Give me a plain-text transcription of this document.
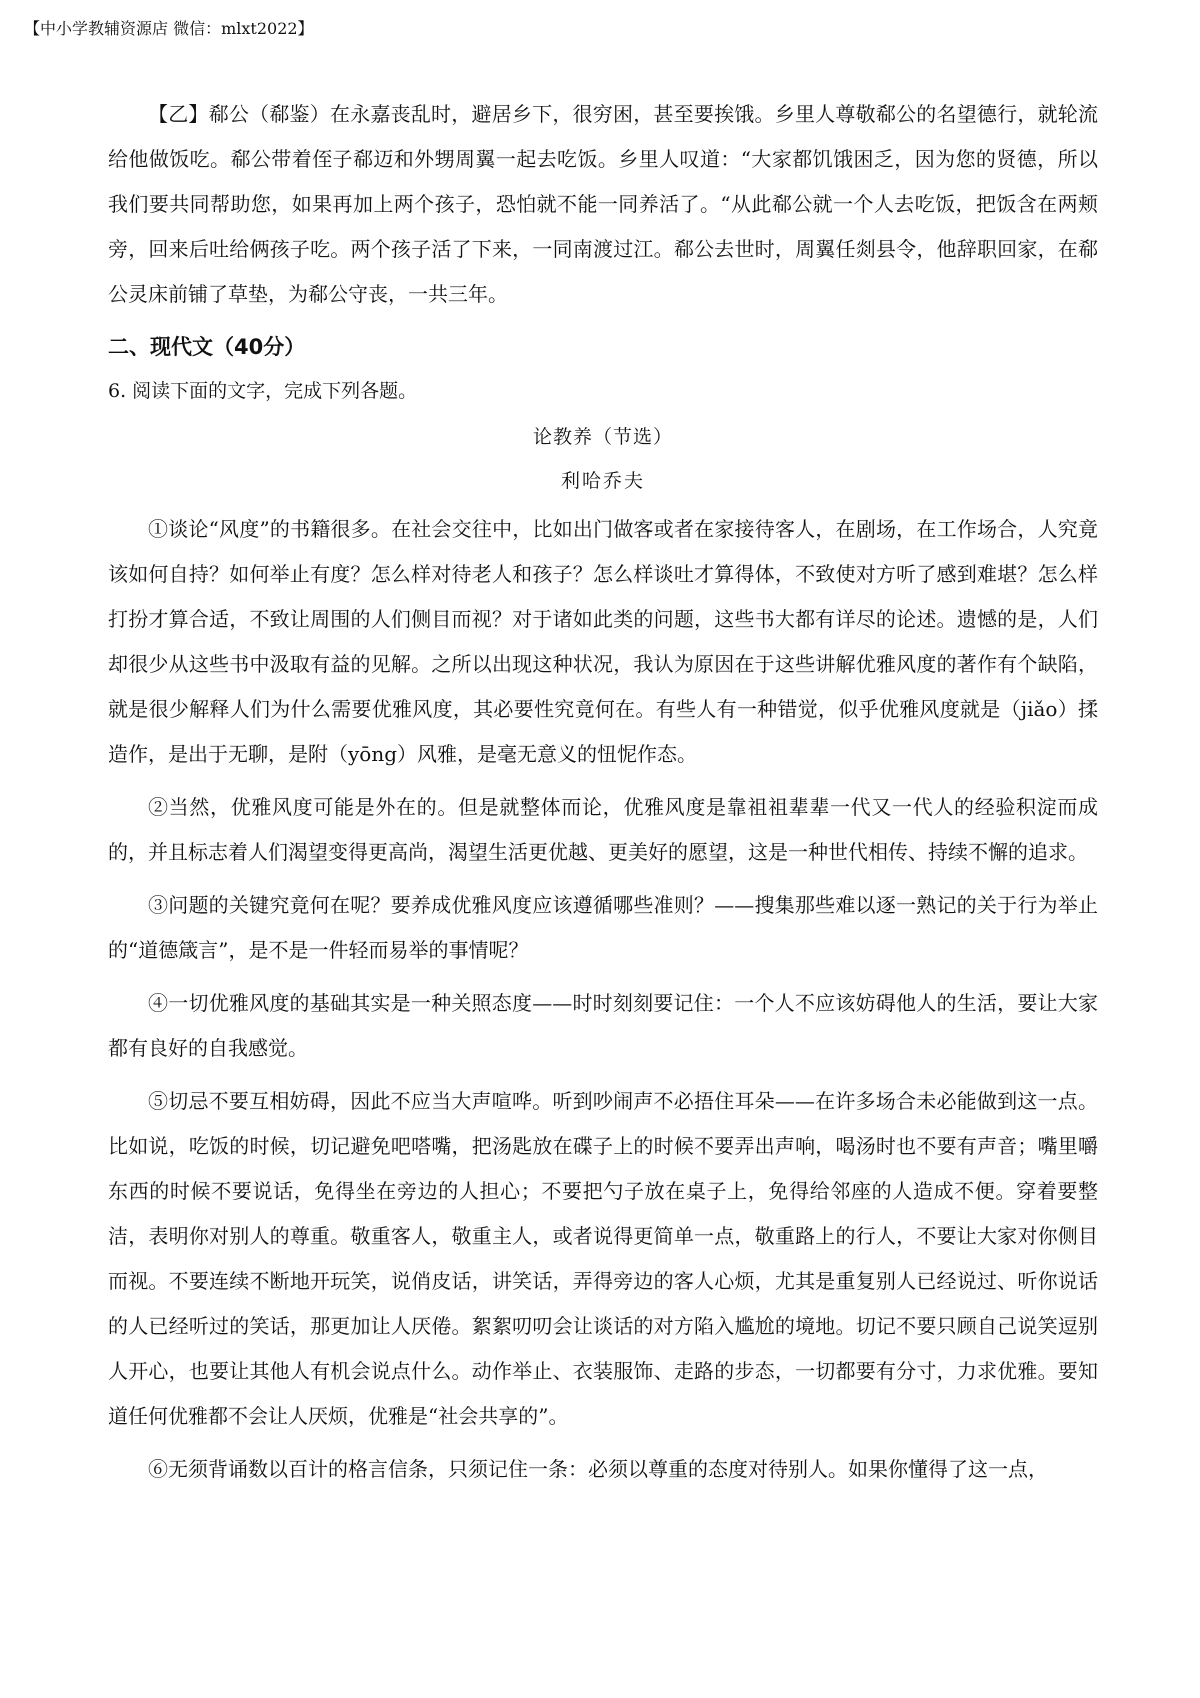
【中小学教辅资源店 微信：mlxt2022】

【乙】郗公（郗鉴）在永嘉丧乱时，避居乡下，很穷困，甚至要挨饿。乡里人尊敬郗公的名望德行，就轮流给他做饭吃。郗公带着侄子郗迈和外甥周翼一起去吃饭。乡里人叹道：“大家都饥饿困乏，因为您的贤德，所以我们要共同帮助您，如果再加上两个孩子，恐怕就不能一同养活了。“从此郗公就一个人去吃饭，把饭含在两颊旁，回来后吐给俩孩子吃。两个孩子活了下来，一同南渡过江。郗公去世时，周翼任剡县令，他辞职回家，在郗公灵床前铺了草垫，为郗公守丧，一共三年。

二、现代文（40分）
6. 阅读下面的文字，完成下列各题。
论教养（节选）
利哈乔夫

①谈论“风度”的书籍很多。在社会交往中，比如出门做客或者在家接待客人，在剧场，在工作场合，人究竟该如何自持？如何举止有度？怎么样对待老人和孩子？怎么样谈吐才算得体，不致使对方听了感到难堪？怎么样打扮才算合适，不致让周围的人们侧目而视？对于诸如此类的问题，这些书大都有详尽的论述。遗憾的是，人们却很少从这些书中汲取有益的见解。之所以出现这种状况，我认为原因在于这些讲解优雅风度的著作有个缺陷，就是很少解释人们为什么需要优雅风度，其必要性究竟何在。有些人有一种错觉，似乎优雅风度就是（jiǎo）揉造作，是出于无聊，是附（yōng）风雅，是毫无意义的忸怩作态。

②当然，优雅风度可能是外在的。但是就整体而论，优雅风度是靠祖祖辈辈一代又一代人的经验积淀而成的，并且标志着人们渴望变得更高尚，渴望生活更优越、更美好的愿望，这是一种世代相传、持续不懈的追求。

③问题的关键究竟何在呢？要养成优雅风度应该遵循哪些准则？——搜集那些难以逐一熟记的关于行为举止的“道德箴言”，是不是一件轻而易举的事情呢？

④一切优雅风度的基础其实是一种关照态度——时时刻刻要记住：一个人不应该妨碍他人的生活，要让大家都有良好的自我感觉。

⑤切忌不要互相妨碍，因此不应当大声喧哗。听到吵闹声不必捂住耳朵——在许多场合未必能做到这一点。比如说，吃饭的时候，切记避免吧嗒嘴，把汤匙放在碟子上的时候不要弄出声响，喝汤时也不要有声音；嘴里嚼东西的时候不要说话，免得坐在旁边的人担心；不要把勺子放在桌子上，免得给邻座的人造成不便。穿着要整洁，表明你对别人的尊重。敬重客人，敬重主人，或者说得更简单一点，敬重路上的行人，不要让大家对你侧目而视。不要连续不断地开玩笑，说俏皮话，讲笑话，弄得旁边的客人心烦，尤其是重复别人已经说过、听你说话的人已经听过的笑话，那更加让人厌倦。絮絮叨叨会让谈话的对方陷入尴尬的境地。切记不要只顾自己说笑逗别人开心，也要让其他人有机会说点什么。动作举止、衣装服饰、走路的步态，一切都要有分寸，力求优雅。要知道任何优雅都不会让人厌烦，优雅是“社会共享的”。

⑥无须背诵数以百计的格言信条，只须记住一条：必须以尊重的态度对待别人。如果你懂得了这一点，
